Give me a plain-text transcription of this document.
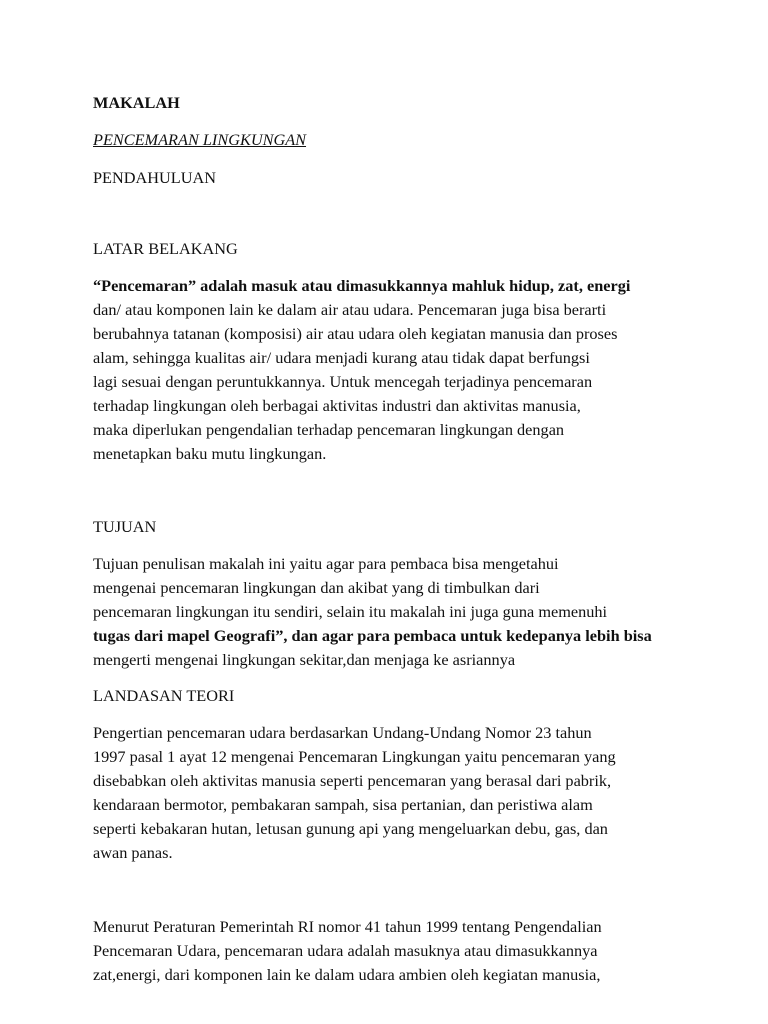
MAKALAH

PENCEMARAN LINGKUNGAN

PENDAHULUAN

LATAR BELAKANG

“Pencemaran” adalah masuk atau dimasukkannya mahluk hidup, zat, energi

dan/ atau komponen lain ke dalam air atau udara. Pencemaran juga bisa berarti

berubahnya tatanan (komposisi) air atau udara oleh kegiatan manusia dan proses

alam, sehingga kualitas air/ udara menjadi kurang atau tidak dapat berfungsi

lagi sesuai dengan peruntukkannya. Untuk mencegah terjadinya pencemaran

terhadap lingkungan oleh berbagai aktivitas industri dan aktivitas manusia,

maka diperlukan pengendalian terhadap pencemaran lingkungan dengan

menetapkan baku mutu lingkungan.

TUJUAN

Tujuan penulisan makalah ini yaitu agar para pembaca bisa mengetahui

mengenai pencemaran lingkungan dan akibat yang di timbulkan dari

pencemaran lingkungan itu sendiri, selain itu makalah ini juga guna memenuhi

tugas dari mapel Geografi”, dan agar para pembaca untuk kedepanya lebih bisa

mengerti mengenai lingkungan sekitar,dan menjaga ke asriannya

LANDASAN TEORI

Pengertian pencemaran udara berdasarkan Undang-Undang Nomor 23 tahun

1997 pasal 1 ayat 12 mengenai Pencemaran Lingkungan yaitu pencemaran yang

disebabkan oleh aktivitas manusia seperti pencemaran yang berasal dari pabrik,

kendaraan bermotor, pembakaran sampah, sisa pertanian, dan peristiwa alam

seperti kebakaran hutan, letusan gunung api yang mengeluarkan debu, gas, dan

awan panas.

Menurut Peraturan Pemerintah RI nomor 41 tahun 1999 tentang Pengendalian

Pencemaran Udara, pencemaran udara adalah masuknya atau dimasukkannya

zat,energi, dari komponen lain ke dalam udara ambien oleh kegiatan manusia,
